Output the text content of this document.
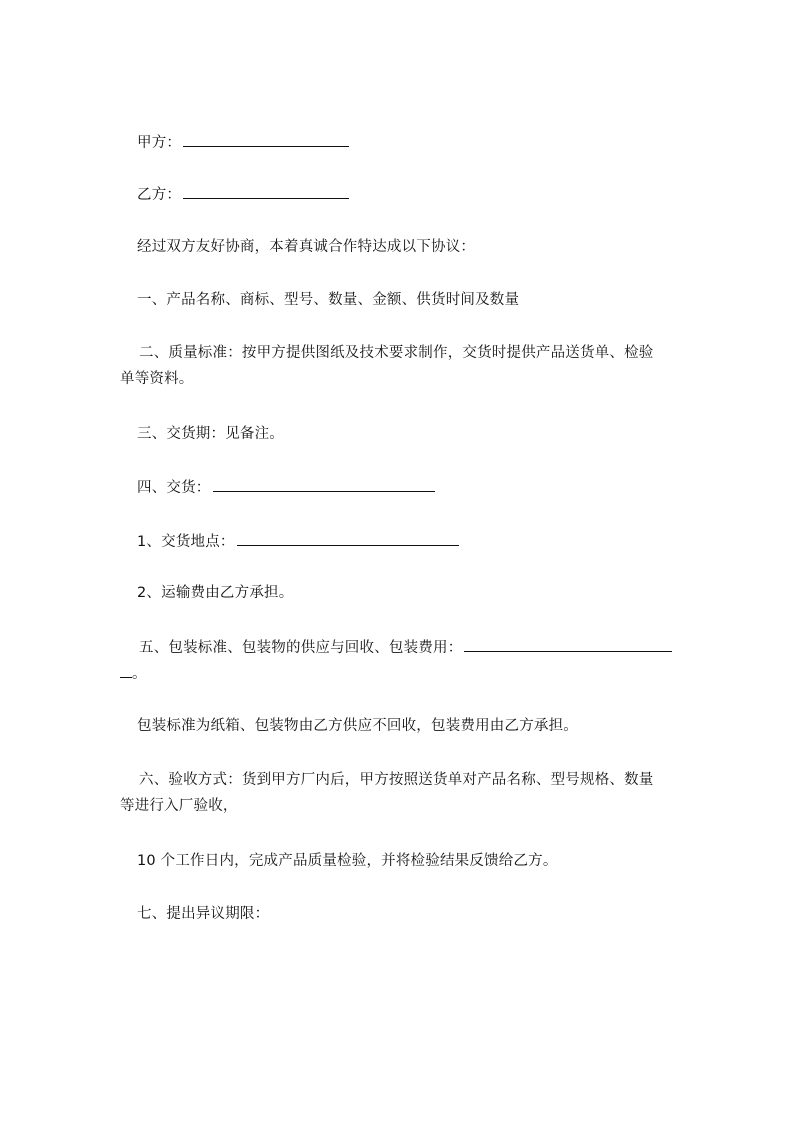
甲方：
乙方：
经过双方友好协商，本着真诚合作特达成以下协议：
一、产品名称、商标、型号、数量、金额、供货时间及数量
二、质量标准：按甲方提供图纸及技术要求制作，交货时提供产品送货单、检验
单等资料。
三、交货期：见备注。
四、交货：
1、交货地点：
2、运输费由乙方承担。
五、包装标准、包装物的供应与回收、包装费用：
。
包装标准为纸箱、包装物由乙方供应不回收，包装费用由乙方承担。
六、验收方式：货到甲方厂内后，甲方按照送货单对产品名称、型号规格、数量
等进行入厂验收，
10 个工作日内，完成产品质量检验，并将检验结果反馈给乙方。
七、提出异议期限：
